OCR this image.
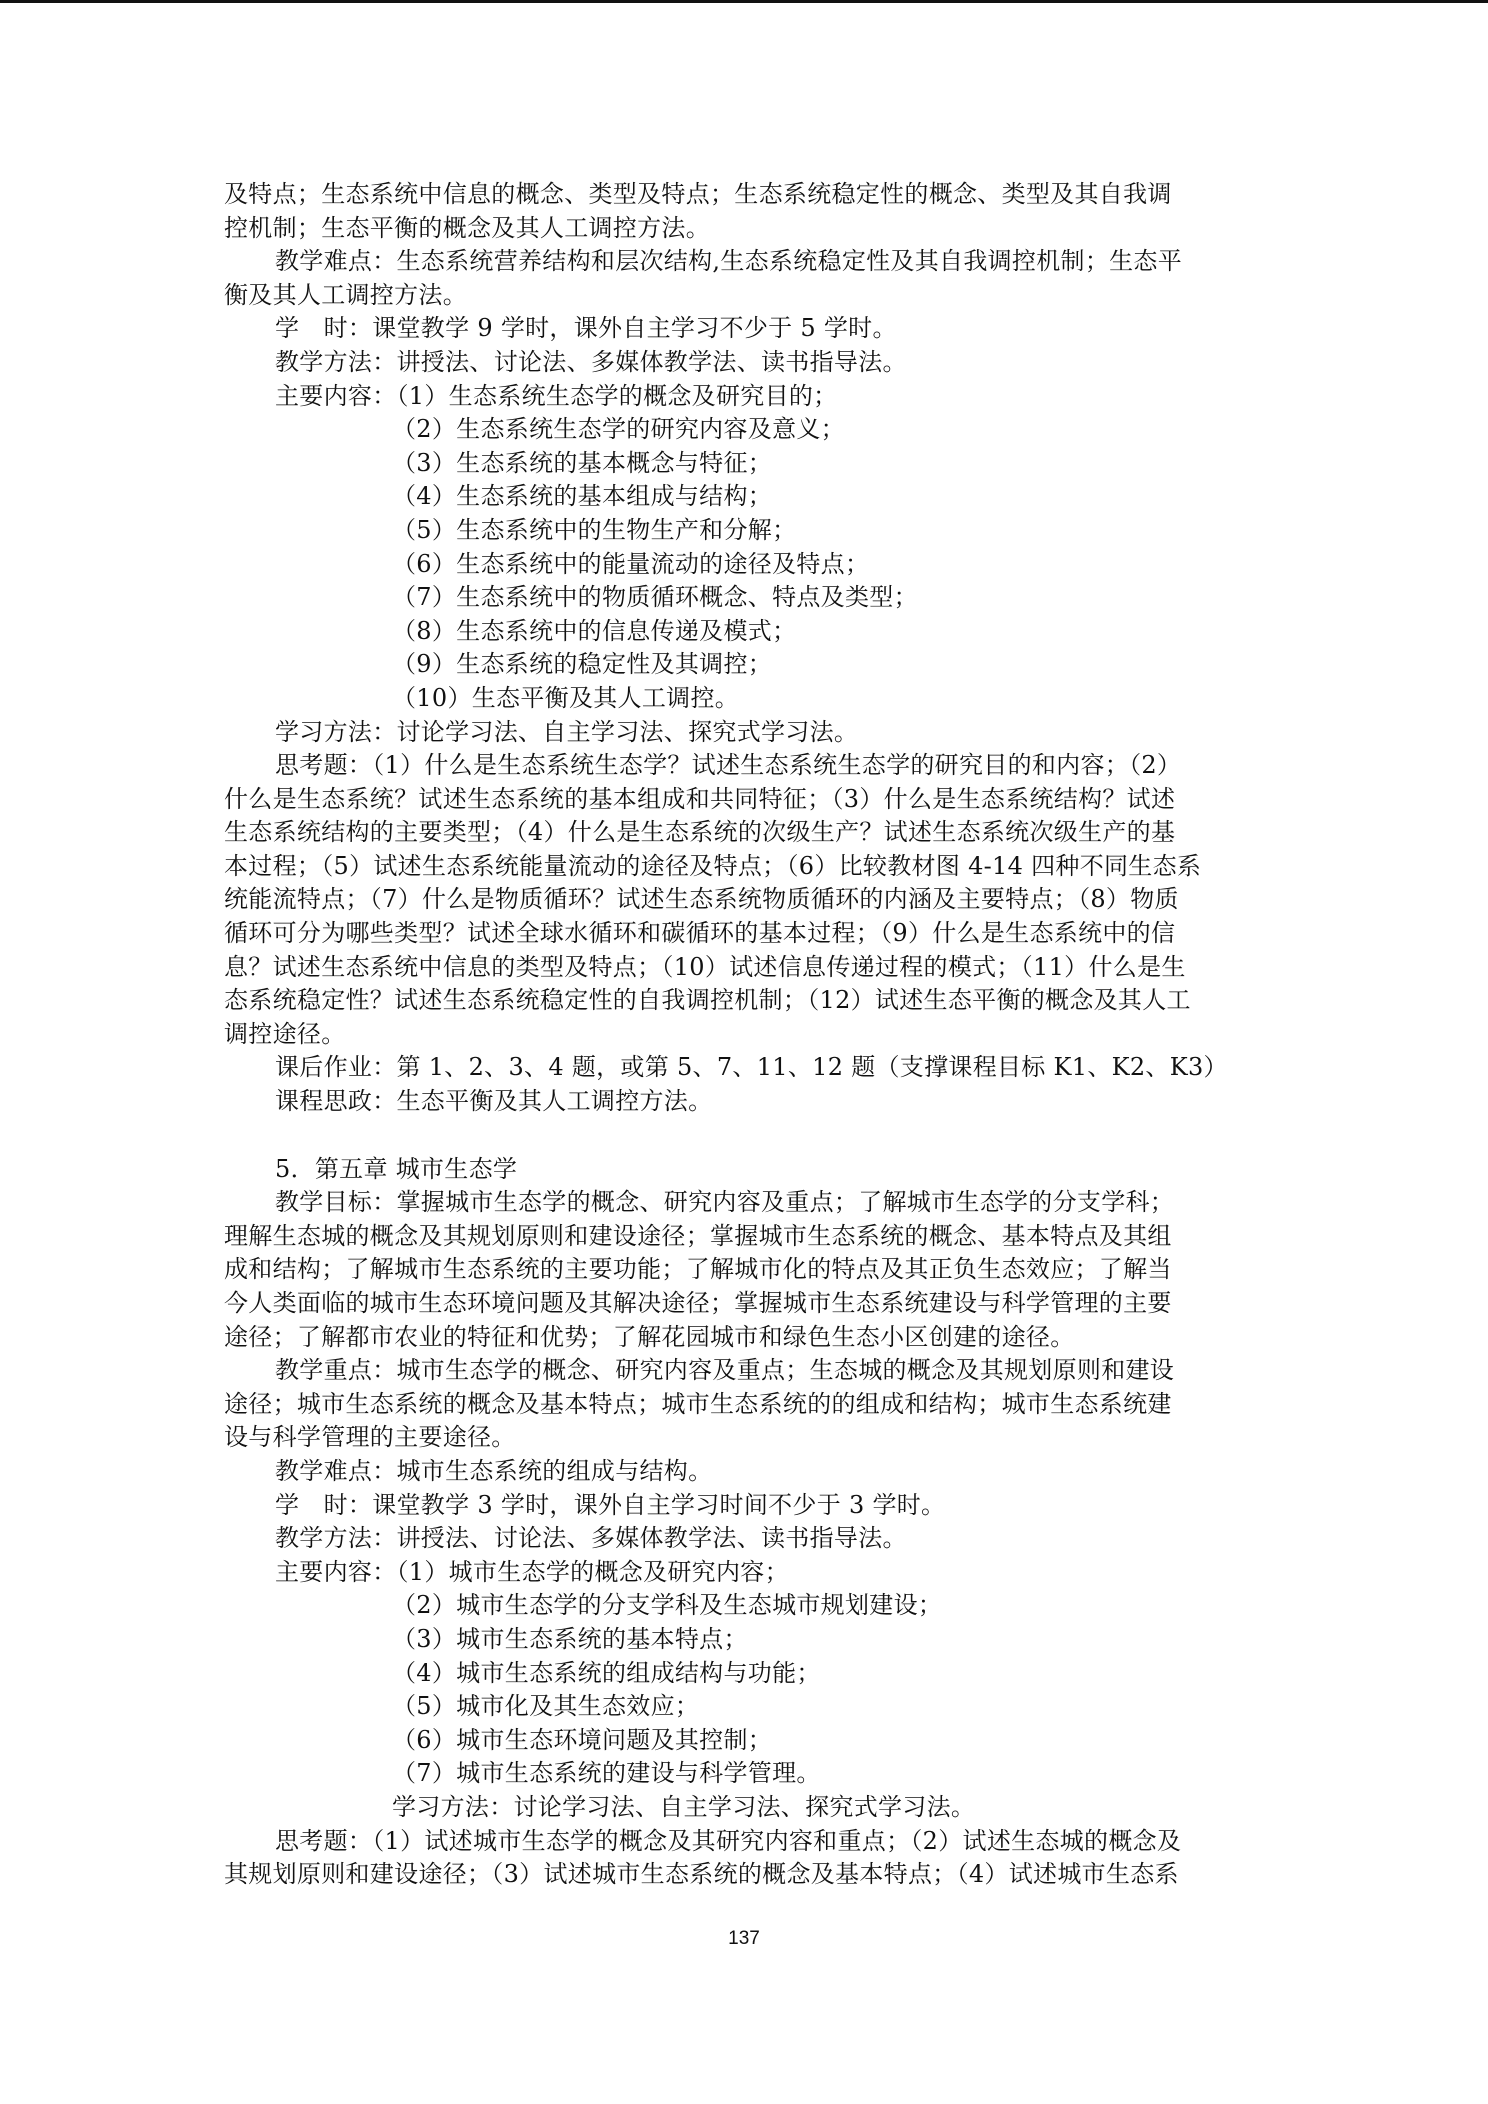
及特点；生态系统中信息的概念、类型及特点；生态系统稳定性的概念、类型及其自我调

控机制；生态平衡的概念及其人工调控方法。

教学难点：生态系统营养结构和层次结构,生态系统稳定性及其自我调控机制；生态平

衡及其人工调控方法。

学　时：课堂教学 9 学时，课外自主学习不少于 5 学时。

教学方法：讲授法、讨论法、多媒体教学法、读书指导法。

主要内容：（1）生态系统生态学的概念及研究目的；

（2）生态系统生态学的研究内容及意义；

（3）生态系统的基本概念与特征；

（4）生态系统的基本组成与结构；

（5）生态系统中的生物生产和分解；

（6）生态系统中的能量流动的途径及特点；

（7）生态系统中的物质循环概念、特点及类型；

（8）生态系统中的信息传递及模式；

（9）生态系统的稳定性及其调控；

（10）生态平衡及其人工调控。

学习方法：讨论学习法、自主学习法、探究式学习法。

思考题：（1）什么是生态系统生态学？试述生态系统生态学的研究目的和内容；（2）

什么是生态系统？试述生态系统的基本组成和共同特征；（3）什么是生态系统结构？试述

生态系统结构的主要类型；（4）什么是生态系统的次级生产？试述生态系统次级生产的基

本过程；（5）试述生态系统能量流动的途径及特点；（6）比较教材图 4-14 四种不同生态系

统能流特点；（7）什么是物质循环？试述生态系统物质循环的内涵及主要特点；（8）物质

循环可分为哪些类型？试述全球水循环和碳循环的基本过程；（9）什么是生态系统中的信

息？试述生态系统中信息的类型及特点；（10）试述信息传递过程的模式；（11）什么是生

态系统稳定性？试述生态系统稳定性的自我调控机制；（12）试述生态平衡的概念及其人工

调控途径。

课后作业：第 1、2、3、4 题，或第 5、7、11、12 题（支撑课程目标 K1、K2、K3）

课程思政：生态平衡及其人工调控方法。

5．第五章 城市生态学

教学目标：掌握城市生态学的概念、研究内容及重点；了解城市生态学的分支学科；

理解生态城的概念及其规划原则和建设途径；掌握城市生态系统的概念、基本特点及其组

成和结构；了解城市生态系统的主要功能；了解城市化的特点及其正负生态效应；了解当

今人类面临的城市生态环境问题及其解决途径；掌握城市生态系统建设与科学管理的主要

途径；了解都市农业的特征和优势；了解花园城市和绿色生态小区创建的途径。

教学重点：城市生态学的概念、研究内容及重点；生态城的概念及其规划原则和建设

途径；城市生态系统的概念及基本特点；城市生态系统的的组成和结构；城市生态系统建

设与科学管理的主要途径。

教学难点：城市生态系统的组成与结构。

学　时：课堂教学 3 学时，课外自主学习时间不少于 3 学时。

教学方法：讲授法、讨论法、多媒体教学法、读书指导法。

主要内容：（1）城市生态学的概念及研究内容；

（2）城市生态学的分支学科及生态城市规划建设；

（3）城市生态系统的基本特点；

（4）城市生态系统的组成结构与功能；

（5）城市化及其生态效应；

（6）城市生态环境问题及其控制；

（7）城市生态系统的建设与科学管理。

学习方法：讨论学习法、自主学习法、探究式学习法。

思考题：（1）试述城市生态学的概念及其研究内容和重点；（2）试述生态城的概念及

其规划原则和建设途径；（3）试述城市生态系统的概念及基本特点；（4）试述城市生态系

137
